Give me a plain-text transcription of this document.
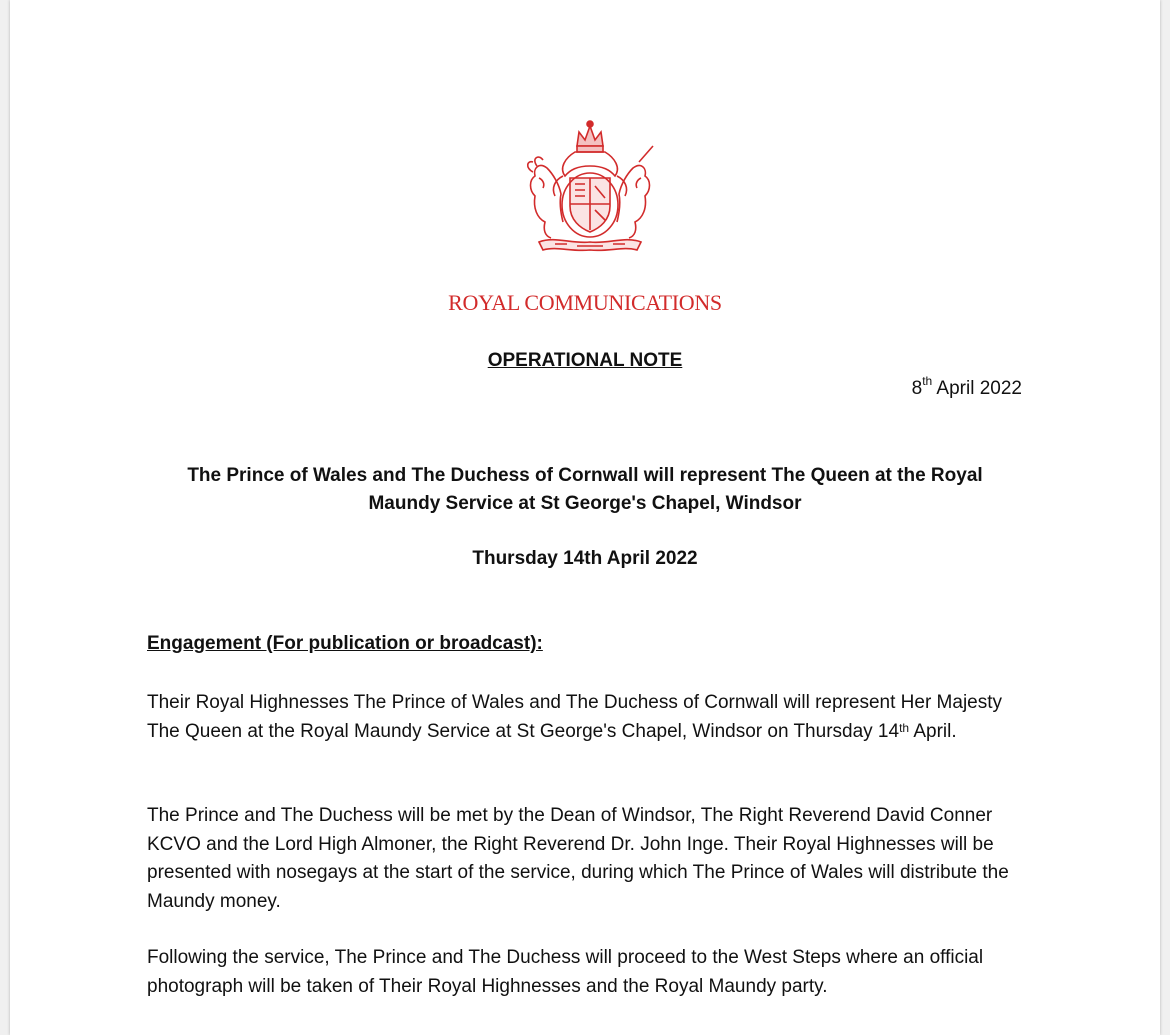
ROYAL COMMUNICATIONS
OPERATIONAL NOTE
8th April 2022
The Prince of Wales and The Duchess of Cornwall will represent The Queen at the Royal Maundy Service at St George's Chapel, Windsor
Thursday 14th April 2022
Engagement (For publication or broadcast):
Their Royal Highnesses The Prince of Wales and The Duchess of Cornwall will represent Her Majesty The Queen at the Royal Maundy Service at St George's Chapel, Windsor on Thursday 14th April.
The Prince and The Duchess will be met by the Dean of Windsor, The Right Reverend David Conner KCVO and the Lord High Almoner, the Right Reverend Dr. John Inge. Their Royal Highnesses will be presented with nosegays at the start of the service, during which The Prince of Wales will distribute the Maundy money.
Following the service, The Prince and The Duchess will proceed to the West Steps where an official photograph will be taken of Their Royal Highnesses and the Royal Maundy party.
